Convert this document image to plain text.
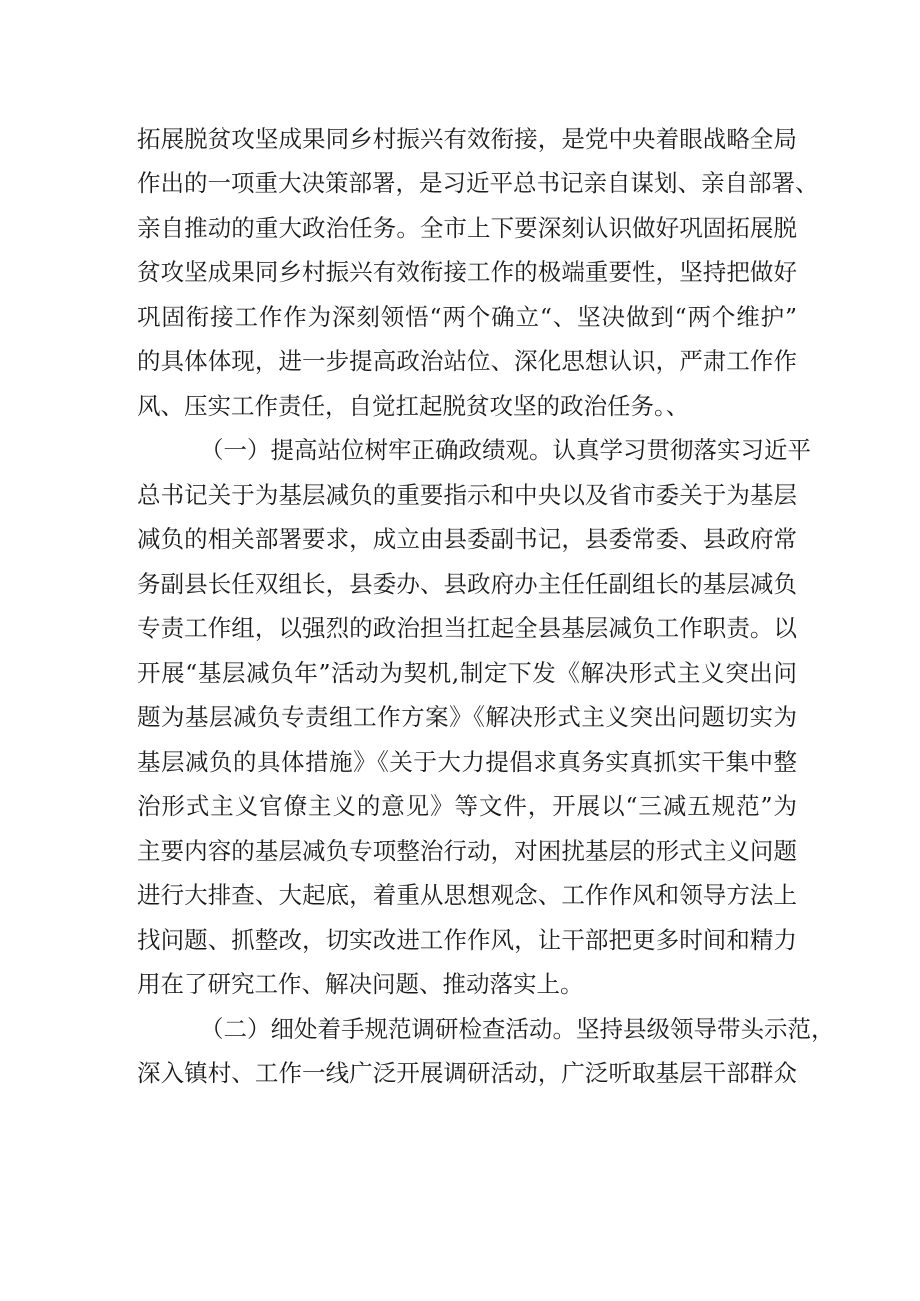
拓展脱贫攻坚成果同乡村振兴有效衔接，是党中央着眼战略全局
作出的一项重大决策部署，是习近平总书记亲自谋划、亲自部署、
亲自推动的重大政治任务。全市上下要深刻认识做好巩固拓展脱
贫攻坚成果同乡村振兴有效衔接工作的极端重要性，坚持把做好
巩固衔接工作作为深刻领悟“两个确立“、坚决做到“两个维护”
的具体体现，进一步提高政治站位、深化思想认识，严肃工作作
风、压实工作责任，自觉扛起脱贫攻坚的政治任务。、
（一）提高站位树牢正确政绩观。认真学习贯彻落实习近平
总书记关于为基层减负的重要指示和中央以及省市委关于为基层
减负的相关部署要求，成立由县委副书记，县委常委、县政府常
务副县长任双组长，县委办、县政府办主任任副组长的基层减负
专责工作组，以强烈的政治担当扛起全县基层减负工作职责。以
开展“基层减负年”活动为契机,制定下发《解决形式主义突出问
题为基层减负专责组工作方案》《解决形式主义突出问题切实为
基层减负的具体措施》《关于大力提倡求真务实真抓实干集中整
治形式主义官僚主义的意见》等文件，开展以“三减五规范”为
主要内容的基层减负专项整治行动，对困扰基层的形式主义问题
进行大排查、大起底，着重从思想观念、工作作风和领导方法上
找问题、抓整改，切实改进工作作风，让干部把更多时间和精力
用在了研究工作、解决问题、推动落实上。
（二）细处着手规范调研检查活动。坚持县级领导带头示范，
深入镇村、工作一线广泛开展调研活动，广泛听取基层干部群众
